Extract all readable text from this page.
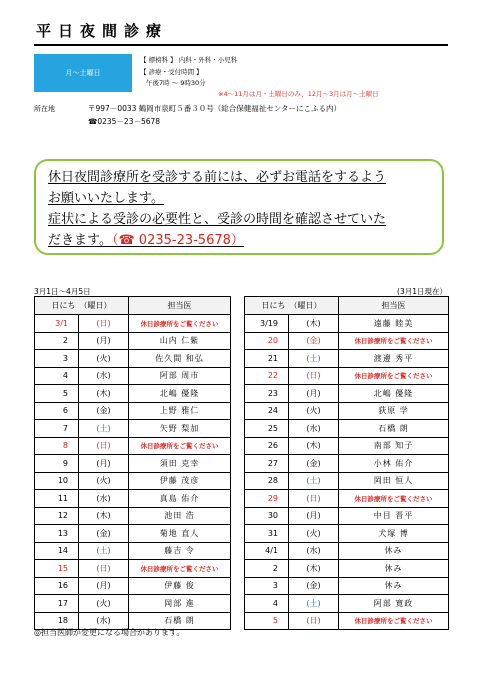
平日夜間診療
月～土曜日
【 標榜科 】 内科・外科・小児科
【 診療・受付時間 】
午後7時 ～ 9時30分
※4～11月は月・土曜日のみ、12月～3月は月～土曜日
所在地	〒997－0033 鶴岡市泉町５番３０号（総合保健福祉センターにこふる内）
☎0235－23－5678
休日夜間診療所を受診する前には、必ずお電話をするよう
お願いいたします。
症状による受診の必要性と、受診の時間を確認させていた
だきます。（☎ 0235-23-5678）
3月1日～4月5日	(3月1日現在）
日にち　（曜日）		担当医		日にち　（曜日）		担当医
3/1	(日)	休日診療所をご覧ください		3/19	(木)	遠藤 睦美
2	(月)	山内 仁紫		20	(金)	休日診療所をご覧ください
3	(火)	佐久間 和弘		21	(土)	渡邊 秀平
4	(水)	阿部 周市		22	(日)	休日診療所をご覧ください
5	(木)	北嶋 優隆		23	(月)	北嶋 優隆
6	(金)	上野 雅仁		24	(火)	荻原 学
7	(土)	矢野 梨加		25	(水)	石橋 朗
8	(日)	休日診療所をご覧ください		26	(木)	南部 知子
9	(月)	須田 克幸		27	(金)	小林 佑介
10	(火)	伊藤 茂彦		28	(土)	岡田 恒人
11	(水)	真島 佑介		29	(日)	休日診療所をご覧ください
12	(木)	池田 浩		30	(月)	中目 晋平
13	(金)	菊地 直人		31	(火)	犬塚 博
14	(土)	藤吉 令		4/1	(水)	休み
15	(日)	休日診療所をご覧ください		2	(木)	休み
16	(月)	伊藤 俊		3	(金)	休み
17	(火)	岡部 進		4	(土)	阿部 寛政
18	(水)	石橋 朗		5	(日)	休日診療所をご覧ください
◎担当医師が変更になる場合があります。
